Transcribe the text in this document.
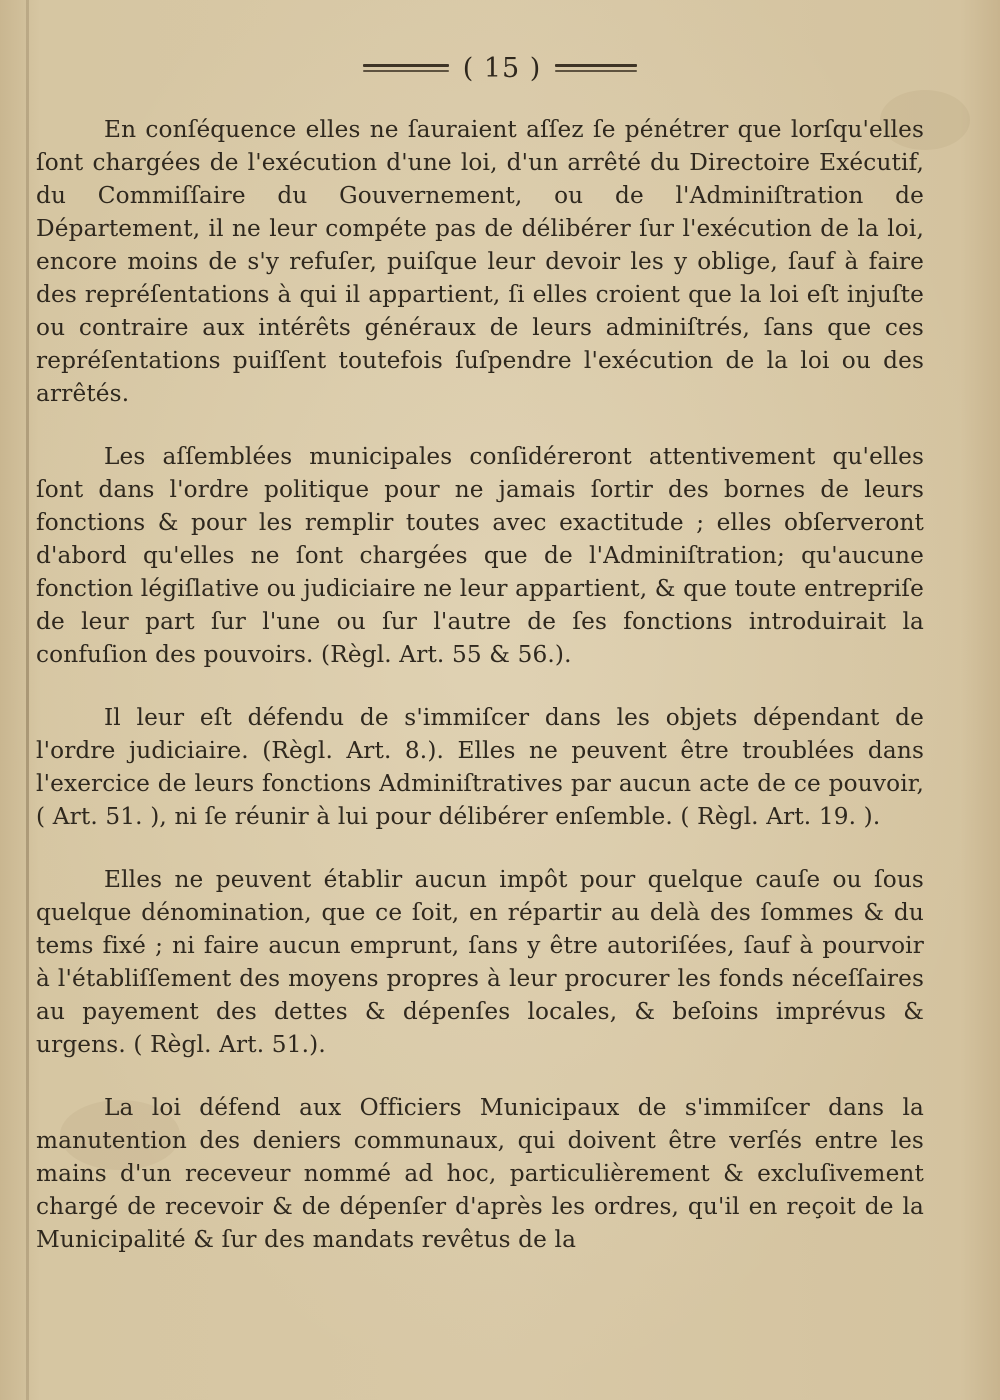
( 15 )

En conſéquence elles ne ſauraient aſſez ſe pénétrer que lorſqu'elles ſont chargées de l'exécution d'une loi, d'un arrêté du Directoire Exécutif, du Commiſſaire du Gouvernement, ou de l'Adminiſtration de Département, il ne leur compéte pas de délibérer ſur l'exécution de la loi, encore moins de s'y refuſer, puiſque leur devoir les y oblige, ſauf à faire des repréſentations à qui il appartient, ſi elles croient que la loi eſt injuſte ou contraire aux intérêts généraux de leurs adminiſtrés, ſans que ces repréſentations puiſſent toutefois ſuſpendre l'exécution de la loi ou des arrêtés.

Les aſſemblées municipales conſidéreront attentivement qu'elles ſont dans l'ordre politique pour ne jamais ſortir des bornes de leurs fonctions & pour les remplir toutes avec exactitude ; elles obſerveront d'abord qu'elles ne ſont chargées que de l'Adminiſtration; qu'aucune fonction légiſlative ou judiciaire ne leur appartient, & que toute entrepriſe de leur part ſur l'une ou ſur l'autre de ſes fonctions introduirait la confuſion des pouvoirs. (Règl. Art. 55 & 56.).

Il leur eſt défendu de s'immiſcer dans les objets dépendant de l'ordre judiciaire. (Règl. Art. 8.). Elles ne peuvent être troublées dans l'exercice de leurs fonctions Adminiſtratives par aucun acte de ce pouvoir, ( Art. 51. ), ni ſe réunir à lui pour délibérer enſemble. ( Règl. Art. 19. ).

Elles ne peuvent établir aucun impôt pour quelque cauſe ou ſous quelque dénomination, que ce ſoit, en répartir au delà des ſommes & du tems fixé ; ni faire aucun emprunt, ſans y être autoriſées, ſauf à pourvoir à l'établiſſement des moyens propres à leur procurer les fonds néceſſaires au payement des dettes & dépenſes locales, & beſoins imprévus & urgens. ( Règl. Art. 51.).

La loi défend aux Officiers Municipaux de s'immiſcer dans la manutention des deniers communaux, qui doivent être verſés entre les mains d'un receveur nommé ad hoc, particulièrement & excluſivement chargé de recevoir & de dépenſer d'après les ordres, qu'il en reçoit de la Municipalité & ſur des mandats revêtus de la
